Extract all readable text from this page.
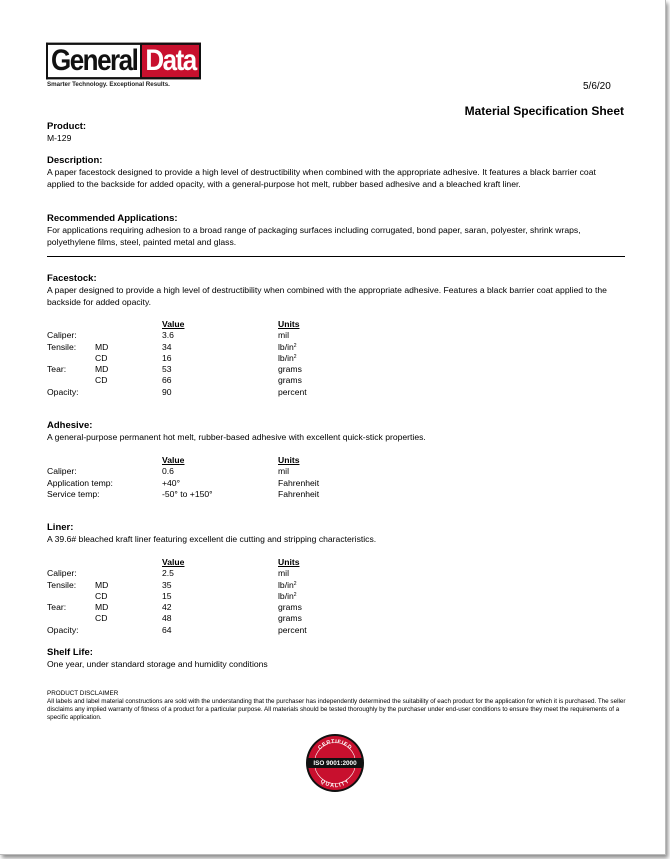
General Data
Smarter Technology. Exceptional Results.	5/6/20
Material Specification Sheet
Product:
M-129
Description:
A paper facestock designed to provide a high level of destructibility when combined with the appropriate adhesive. It features a black barrier coat applied to the backside for added opacity, with a general-purpose hot melt, rubber based adhesive and a bleached kraft liner.
Recommended Applications:
For applications requiring adhesion to a broad range of packaging surfaces including corrugated, bond paper, saran, polyester, shrink wraps, polyethylene films, steel, painted metal and glass.
Facestock:
A paper designed to provide a high level of destructibility when combined with the appropriate adhesive. Features a black barrier coat applied to the backside for added opacity.
Value	Units
Caliper:	3.6	mil
Tensile: MD	34	$lb/in^2$
CD	16	$lb/in^2$
Tear:	MD	53	grams
CD	66	grams
Opacity:	90	percent
Adhesive:
A general-purpose permanent hot melt, rubber-based adhesive with excellent quick-stick properties.
Value	Units
Caliper:	0.6	mil
Application temp:	+40°	Fahrenheit
Service temp:	-50° to +150°	Fahrenheit
Liner:
A 39.6# bleached kraft liner featuring excellent die cutting and stripping characteristics.
Value	Units
Caliper:	2.5	mil
Tensile: MD	35	$lb/in^2$
CD	15	$lb/in^2$
Tear:	MD	42	grams
CD	48	grams
Opacity:	64	percent
Shelf Life:
One year, under standard storage and humidity conditions
PRODUCT DISCLAIMER
All labels and label material constructions are sold with the understanding that the purchaser has independently determined the suitability of each product for the application for which it is purchased. The seller disclaims any implied warranty of fitness of a product for a particular purpose. All materials should be tested thoroughly by the purchaser under end-user conditions to ensure they meet the requirements of a specific application.
CERTIFIED
ISO 9001:2000
QUALITY
